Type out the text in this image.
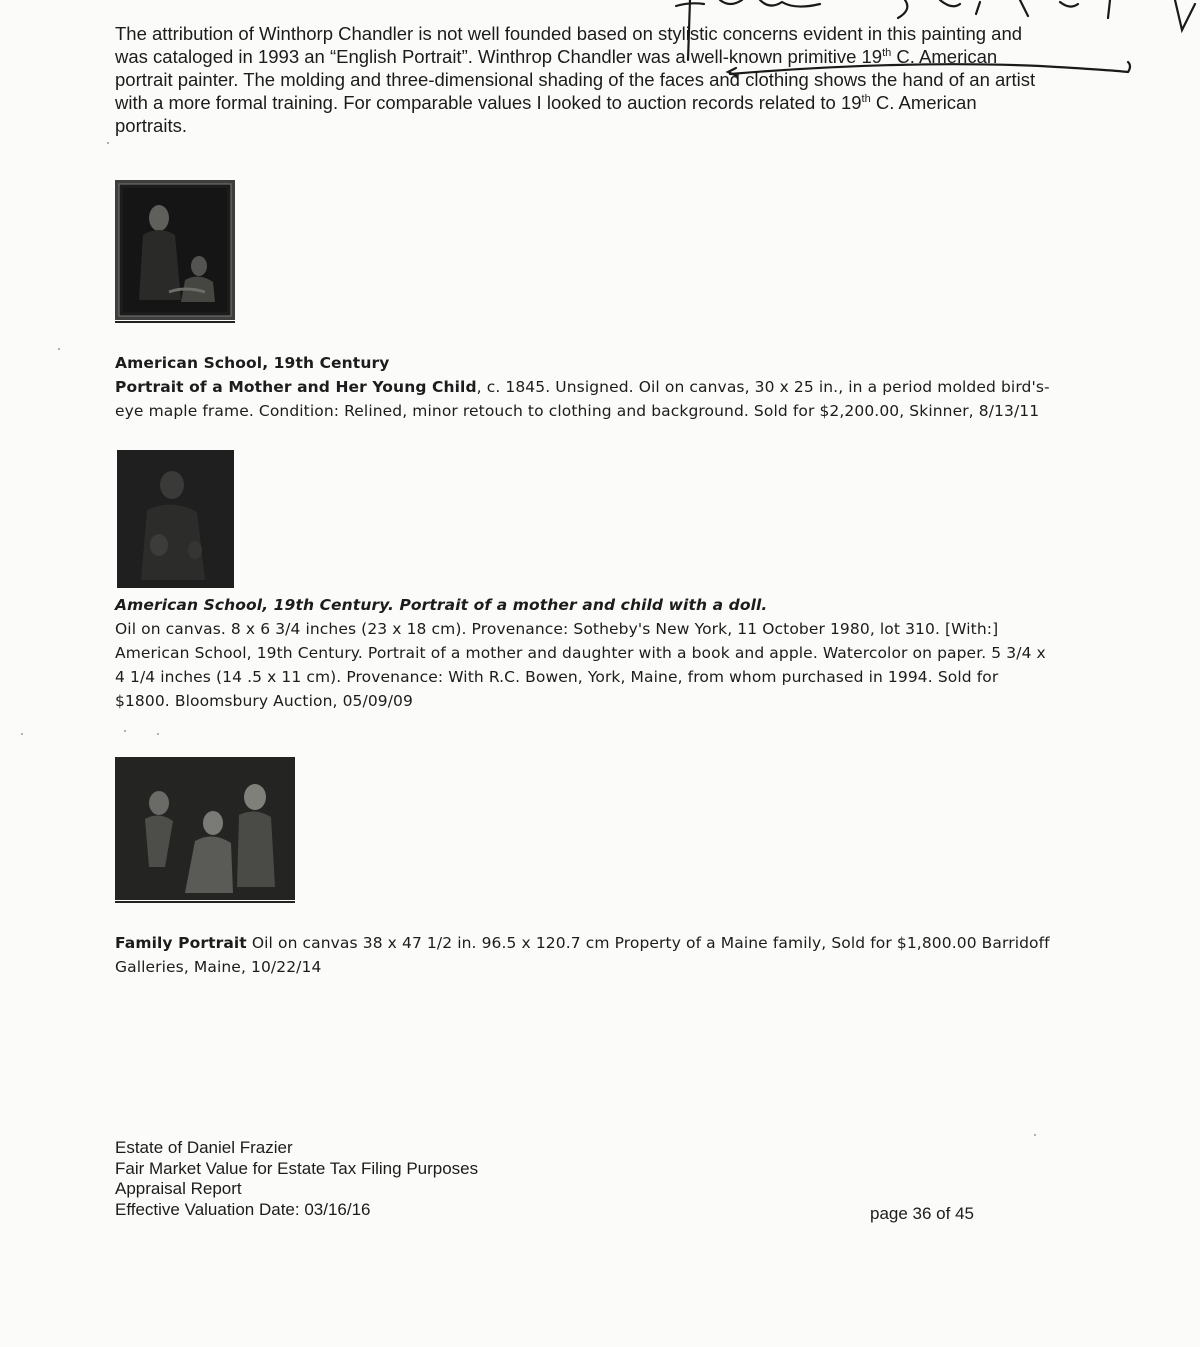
The attribution of Winthorp Chandler is not well founded based on stylistic concerns evident in this painting and was cataloged in 1993 an “English Portrait”. Winthrop Chandler was a well-known primitive 19th C. American portrait painter. The molding and three-dimensional shading of the faces and clothing shows the hand of an artist with a more formal training. For comparable values I looked to auction records related to 19th C. American portraits.

American School, 19th Century

Portrait of a Mother and Her Young Child, c. 1845. Unsigned. Oil on canvas, 30 x 25 in., in a period molded bird's-eye maple frame. Condition: Relined, minor retouch to clothing and background. Sold for $2,200.00, Skinner, 8/13/11

American School, 19th Century. Portrait of a mother and child with a doll.

Oil on canvas. 8 x 6 3/4 inches (23 x 18 cm). Provenance: Sotheby's New York, 11 October 1980, lot 310. [With:] American School, 19th Century. Portrait of a mother and daughter with a book and apple. Watercolor on paper. 5 3/4 x 4 1/4 inches (14 .5 x 11 cm). Provenance: With R.C. Bowen, York, Maine, from whom purchased in 1994. Sold for $1800. Bloomsbury Auction, 05/09/09

Family Portrait Oil on canvas 38 x 47 1/2 in. 96.5 x 120.7 cm Property of a Maine family, Sold for $1,800.00 Barridoff Galleries, Maine, 10/22/14

Estate of Daniel Frazier
Fair Market Value for Estate Tax Filing Purposes
Appraisal Report
Effective Valuation Date: 03/16/16	page 36 of 45
